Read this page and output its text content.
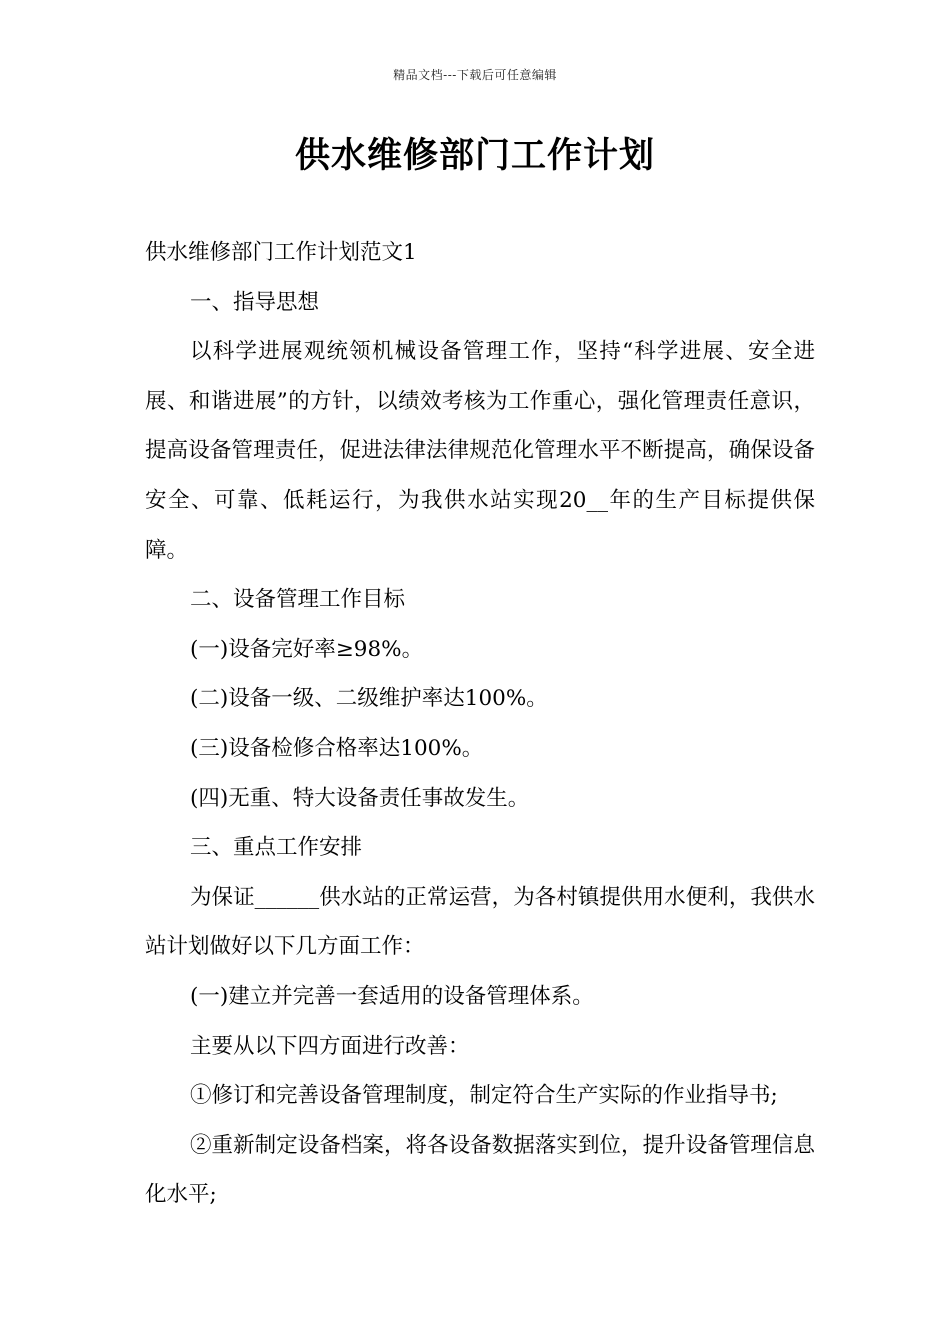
精品文档---下载后可任意编辑
供水维修部门工作计划

供水维修部门工作计划范文1

一、指导思想

以科学进展观统领机械设备管理工作，坚持“科学进展、安全进展、和谐进展”的方针，以绩效考核为工作重心，强化管理责任意识，提高设备管理责任，促进法律法律规范化管理水平不断提高，确保设备安全、可靠、低耗运行，为我供水站实现20__年的生产目标提供保障。

二、设备管理工作目标

(一)设备完好率≥98%。

(二)设备一级、二级维护率达100%。

(三)设备检修合格率达100%。

(四)无重、特大设备责任事故发生。

三、重点工作安排

为保证______供水站的正常运营，为各村镇提供用水便利，我供水站计划做好以下几方面工作：

(一)建立并完善一套适用的设备管理体系。

主要从以下四方面进行改善：

①修订和完善设备管理制度，制定符合生产实际的作业指导书;

②重新制定设备档案，将各设备数据落实到位，提升设备管理信息化水平;
